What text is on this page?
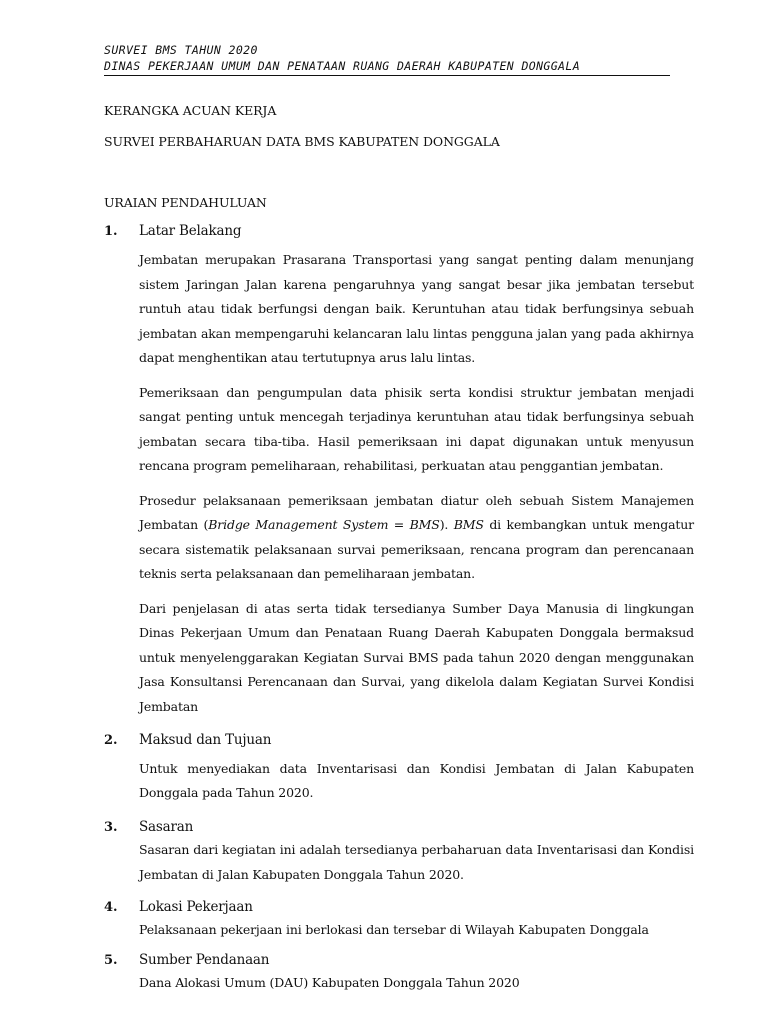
SURVEI BMS TAHUN 2020
DINAS PEKERJAAN UMUM DAN PENATAAN RUANG DAERAH KABUPATEN DONGGALA
KERANGKA ACUAN KERJA
SURVEI PERBAHARUAN DATA BMS KABUPATEN DONGGALA
URAIAN PENDAHULUAN
1.	Latar Belakang
Jembatan merupakan Prasarana Transportasi yang sangat penting dalam menunjang sistem Jaringan Jalan karena pengaruhnya yang sangat besar jika jembatan tersebut runtuh atau tidak berfungsi dengan baik. Keruntuhan atau tidak berfungsinya sebuah jembatan akan mempengaruhi kelancaran lalu lintas pengguna jalan yang pada akhirnya dapat menghentikan atau tertutupnya arus lalu lintas.
Pemeriksaan dan pengumpulan data phisik serta kondisi struktur jembatan menjadi sangat penting untuk mencegah terjadinya keruntuhan atau tidak berfungsinya sebuah jembatan secara tiba-tiba. Hasil pemeriksaan ini dapat digunakan untuk menyusun rencana program pemeliharaan, rehabilitasi, perkuatan atau penggantian jembatan.
Prosedur pelaksanaan pemeriksaan jembatan diatur oleh sebuah Sistem Manajemen Jembatan (Bridge Management System = BMS). BMS di kembangkan untuk mengatur secara sistematik pelaksanaan survai pemeriksaan, rencana program dan perencanaan teknis serta pelaksanaan dan pemeliharaan jembatan.
Dari penjelasan di atas serta tidak tersedianya Sumber Daya Manusia di lingkungan Dinas Pekerjaan Umum dan Penataan Ruang Daerah Kabupaten Donggala bermaksud untuk menyelenggarakan Kegiatan Survai BMS pada tahun 2020 dengan menggunakan Jasa Konsultansi Perencanaan dan Survai, yang dikelola dalam Kegiatan Survei Kondisi Jembatan
2.	Maksud dan Tujuan
Untuk menyediakan data Inventarisasi dan Kondisi Jembatan di Jalan Kabupaten Donggala pada Tahun 2020.
3.	Sasaran
Sasaran dari kegiatan ini adalah tersedianya perbaharuan data Inventarisasi dan Kondisi Jembatan di Jalan Kabupaten Donggala Tahun 2020.
4.	Lokasi Pekerjaan
Pelaksanaan pekerjaan ini berlokasi dan tersebar di Wilayah Kabupaten Donggala
5.	Sumber Pendanaan
Dana Alokasi Umum (DAU) Kabupaten Donggala Tahun 2020
